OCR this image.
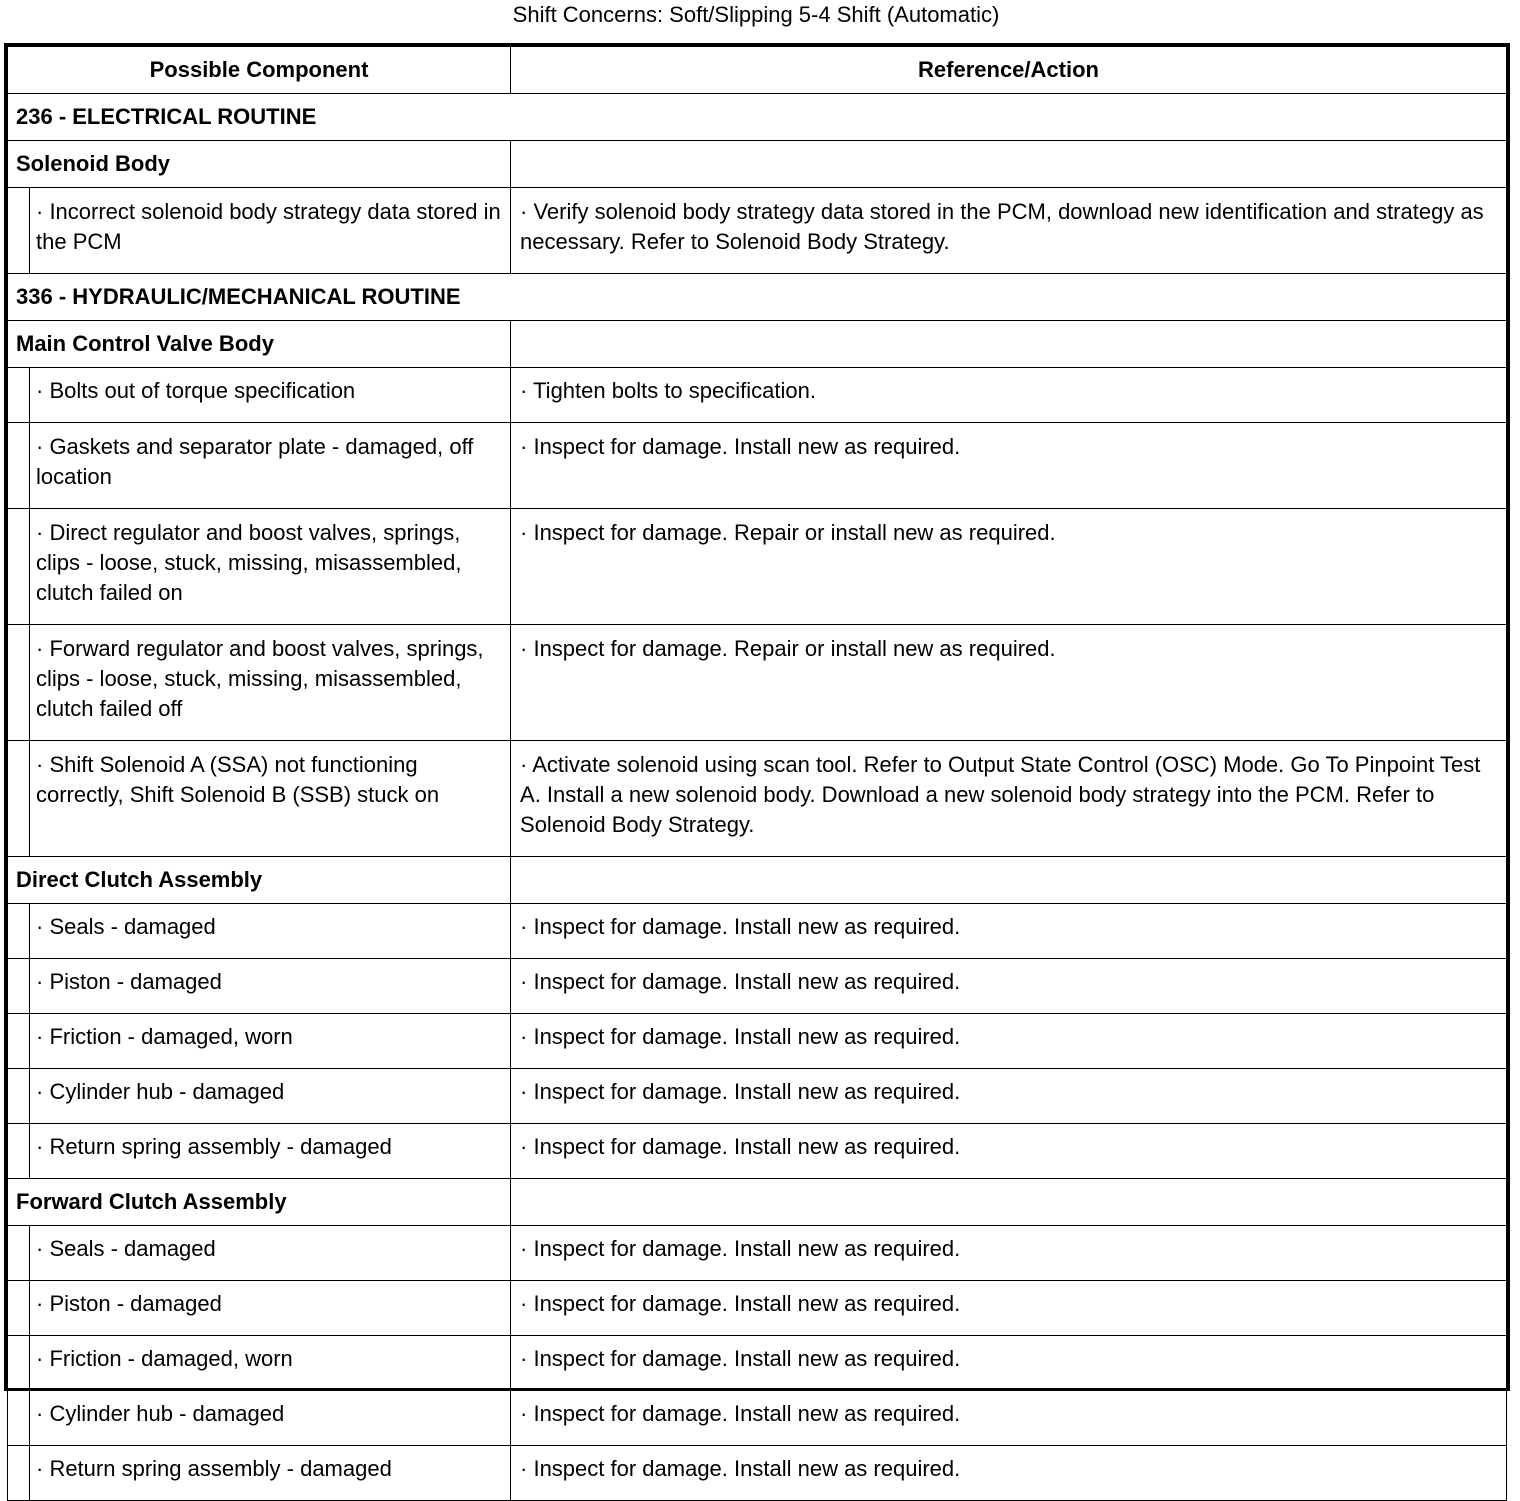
Shift Concerns: Soft/Slipping 5-4 Shift (Automatic)
Possible Component		Reference/Action
236 - ELECTRICAL ROUTINE		
Solenoid Body		
	· Incorrect solenoid body strategy data stored in the PCM	· Verify solenoid body strategy data stored in the PCM, download new identification and strategy as necessary. Refer to Solenoid Body Strategy.
336 - HYDRAULIC/MECHANICAL ROUTINE		
Main Control Valve Body		
	· Bolts out of torque specification	· Tighten bolts to specification.
	· Gaskets and separator plate - damaged, off location	· Inspect for damage. Install new as required.
	· Direct regulator and boost valves, springs, clips - loose, stuck, missing, misassembled, clutch failed on	· Inspect for damage. Repair or install new as required.
	· Forward regulator and boost valves, springs, clips - loose, stuck, missing, misassembled, clutch failed off	· Inspect for damage. Repair or install new as required.
	· Shift Solenoid A (SSA) not functioning correctly, Shift Solenoid B (SSB) stuck on	· Activate solenoid using scan tool. Refer to Output State Control (OSC) Mode. Go To Pinpoint Test A. Install a new solenoid body. Download a new solenoid body strategy into the PCM. Refer to Solenoid Body Strategy.
Direct Clutch Assembly		
	· Seals - damaged	· Inspect for damage. Install new as required.
	· Piston - damaged	· Inspect for damage. Install new as required.
	· Friction - damaged, worn	· Inspect for damage. Install new as required.
	· Cylinder hub - damaged	· Inspect for damage. Install new as required.
	· Return spring assembly - damaged	· Inspect for damage. Install new as required.
Forward Clutch Assembly		
	· Seals - damaged	· Inspect for damage. Install new as required.
	· Piston - damaged	· Inspect for damage. Install new as required.
	· Friction - damaged, worn	· Inspect for damage. Install new as required.
	· Cylinder hub - damaged	· Inspect for damage. Install new as required.
	· Return spring assembly - damaged	· Inspect for damage. Install new as required.
